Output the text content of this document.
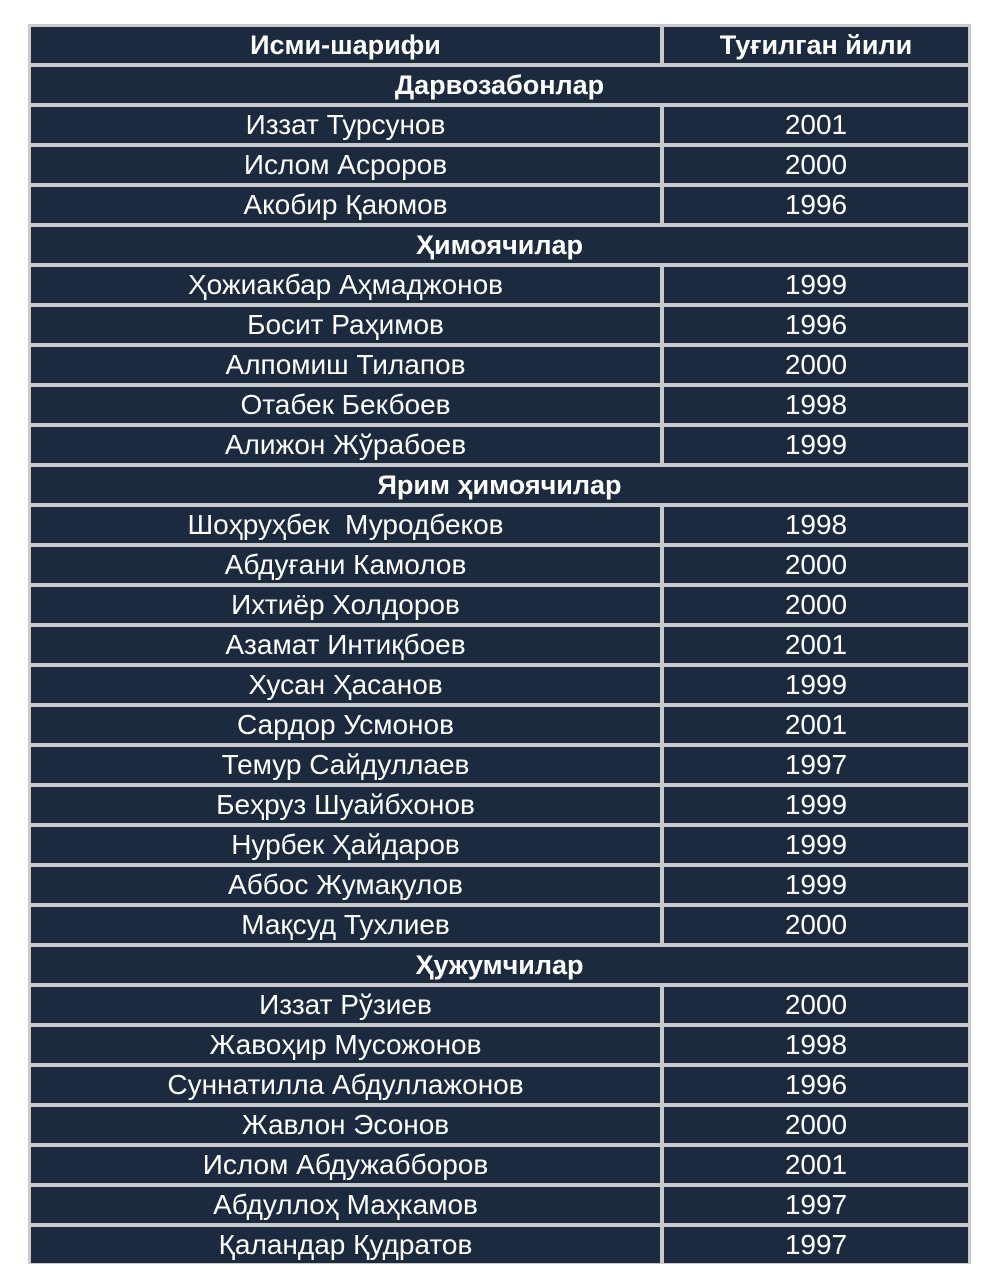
Исми-шарифи	Туғилган йили
Дарвозабонлар	
Иззат Турсунов	2001
Ислом Асроров	2000
Акобир Қаюмов	1996
Ҳимоячилар	
Ҳожиакбар Аҳмаджонов	1999
Босит Раҳимов	1996
Алпомиш Тилапов	2000
Отабек Бекбоев	1998
Алижон Жўрабоев	1999
Ярим ҳимоячилар	
Шоҳруҳбек  Муродбеков	1998
Абдуғани Камолов	2000
Ихтиёр Холдоров	2000
Азамат Интиқбоев	2001
Хусан Ҳасанов	1999
Сардор Усмонов	2001
Темур Сайдуллаев	1997
Беҳруз Шуайбхонов	1999
Нурбек Ҳайдаров	1999
Аббос Жумақулов	1999
Мақсуд Тухлиев	2000
Ҳужумчилар	
Иззат Рўзиев	2000
Жавоҳир Мусожонов	1998
Суннатилла Абдуллажонов	1996
Жавлон Эсонов	2000
Ислом Абдужабборов	2001
Абдуллоҳ Маҳкамов	1997
Қаландар Қудратов	1997
